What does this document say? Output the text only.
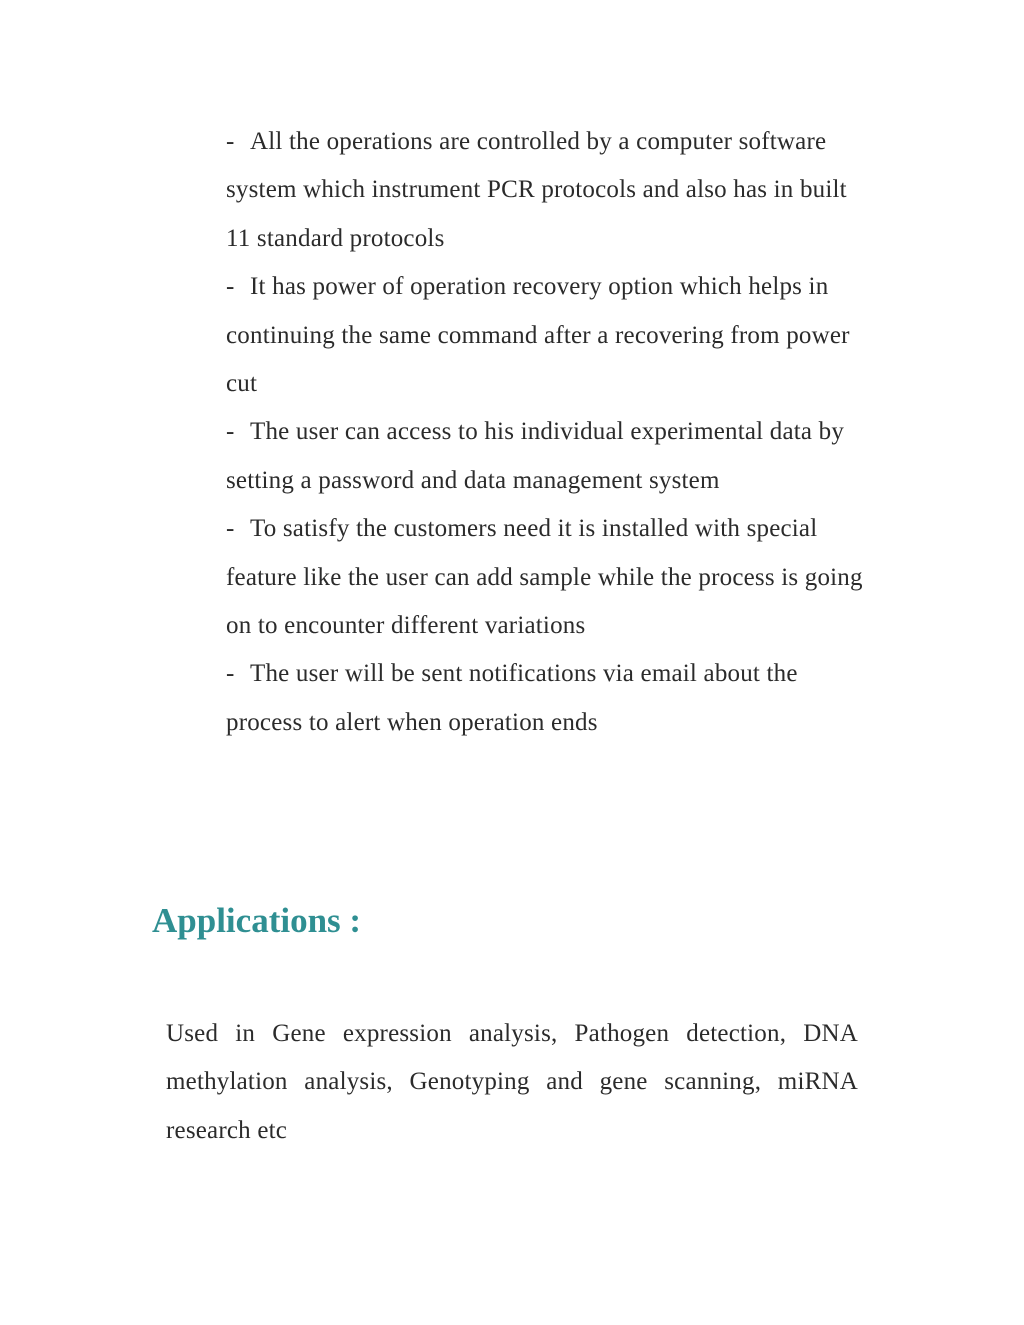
- All the operations are controlled by a computer software system which instrument PCR protocols and also has in built 11 standard protocols
- It has power of operation recovery option which helps in continuing the same command after a recovering from power cut
- The user can access to his individual experimental data by setting a password and data management system
- To satisfy the customers need it is installed with special feature like the user can add sample while the process is going on to encounter different variations
- The user will be sent notifications via email about the process to alert when operation ends
Applications :

Used in Gene expression analysis, Pathogen detection, DNA methylation analysis, Genotyping and gene scanning, miRNA research etc
